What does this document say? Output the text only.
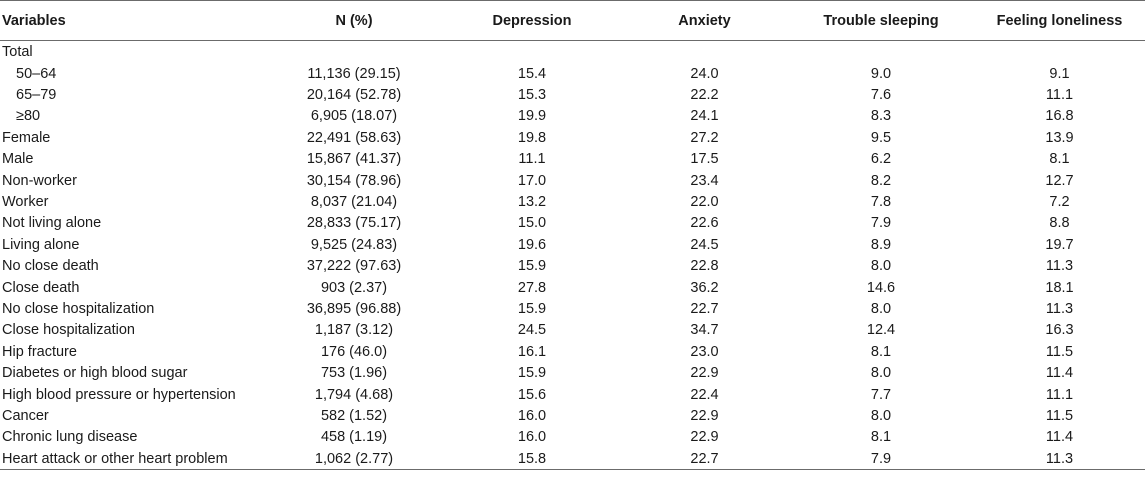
Variables	N (%)	Depression	Anxiety	Trouble sleeping	Feeling loneliness
Total					
50–64	11,136 (29.15)	15.4	24.0	9.0	9.1
65–79	20,164 (52.78)	15.3	22.2	7.6	11.1
≥80	6,905 (18.07)	19.9	24.1	8.3	16.8
Female	22,491 (58.63)	19.8	27.2	9.5	13.9
Male	15,867 (41.37)	11.1	17.5	6.2	8.1
Non-worker	30,154 (78.96)	17.0	23.4	8.2	12.7
Worker	8,037 (21.04)	13.2	22.0	7.8	7.2
Not living alone	28,833 (75.17)	15.0	22.6	7.9	8.8
Living alone	9,525 (24.83)	19.6	24.5	8.9	19.7
No close death	37,222 (97.63)	15.9	22.8	8.0	11.3
Close death	903 (2.37)	27.8	36.2	14.6	18.1
No close hospitalization	36,895 (96.88)	15.9	22.7	8.0	11.3
Close hospitalization	1,187 (3.12)	24.5	34.7	12.4	16.3
Hip fracture	176 (46.0)	16.1	23.0	8.1	11.5
Diabetes or high blood sugar	753 (1.96)	15.9	22.9	8.0	11.4
High blood pressure or hypertension	1,794 (4.68)	15.6	22.4	7.7	11.1
Cancer	582 (1.52)	16.0	22.9	8.0	11.5
Chronic lung disease	458 (1.19)	16.0	22.9	8.1	11.4
Heart attack or other heart problem	1,062 (2.77)	15.8	22.7	7.9	11.3
